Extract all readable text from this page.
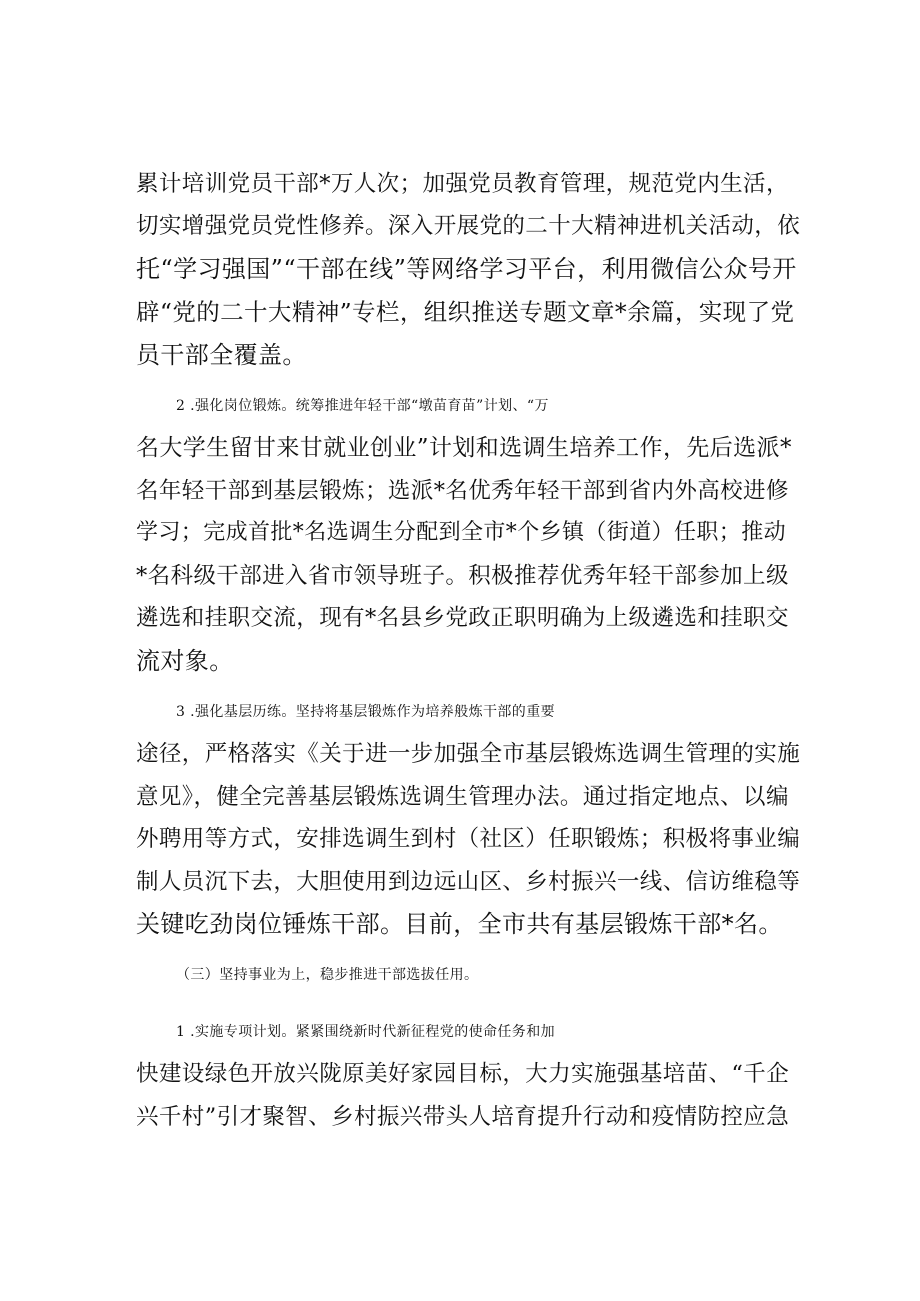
累计培训党员干部*万人次；加强党员教育管理，规范党内生活，
切实增强党员党性修养。深入开展党的二十大精神进机关活动，依
托“学习强国”“干部在线”等网络学习平台，利用微信公众号开
辟“党的二十大精神”专栏，组织推送专题文章*余篇，实现了党
员干部全覆盖。
2 .强化岗位锻炼。统筹推进年轻干部“墩苗育苗”计划、“万
名大学生留甘来甘就业创业”计划和选调生培养工作，先后选派*
名年轻干部到基层锻炼；选派*名优秀年轻干部到省内外高校进修
学习；完成首批*名选调生分配到全市*个乡镇（街道）任职；推动
*名科级干部进入省市领导班子。积极推荐优秀年轻干部参加上级
遴选和挂职交流，现有*名县乡党政正职明确为上级遴选和挂职交
流对象。
3 .强化基层历练。坚持将基层锻炼作为培养般炼干部的重要
途径，严格落实《关于进一步加强全市基层锻炼选调生管理的实施
意见》，健全完善基层锻炼选调生管理办法。通过指定地点、以编
外聘用等方式，安排选调生到村（社区）任职锻炼；积极将事业编
制人员沉下去，大胆使用到边远山区、乡村振兴一线、信访维稳等
关键吃劲岗位锤炼干部。目前，全市共有基层锻炼干部*名。
（三）坚持事业为上，稳步推进干部选拔任用。
1 .实施专项计划。紧紧围绕新时代新征程党的使命任务和加
快建设绿色开放兴陇原美好家园目标，大力实施强基培苗、“千企
兴千村”引才聚智、乡村振兴带头人培育提升行动和疫情防控应急
